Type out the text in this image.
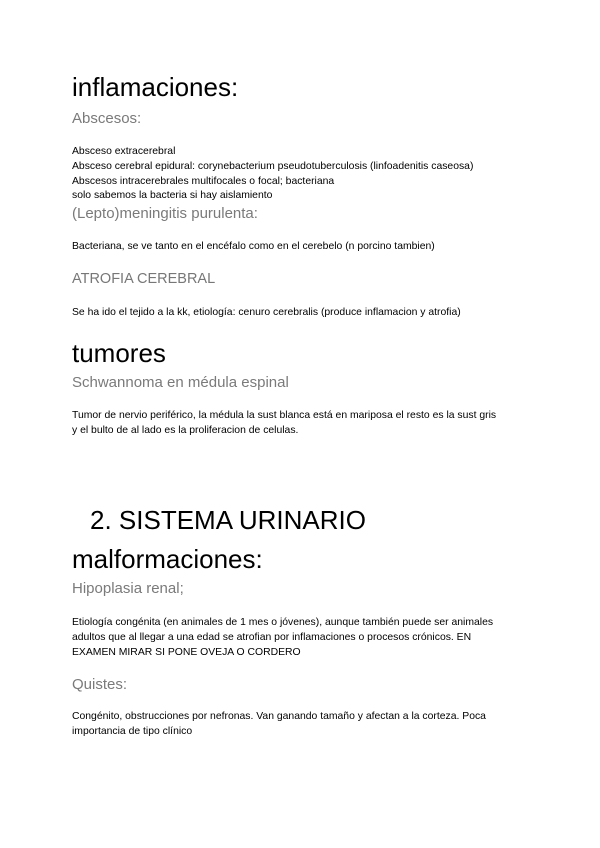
inflamaciones:
Abscesos:
Absceso extracerebral
Absceso cerebral epidural: corynebacterium pseudotuberculosis (linfoadenitis caseosa)
Abscesos intracerebrales multifocales o focal; bacteriana
solo sabemos la bacteria si hay aislamiento
(Lepto)meningitis purulenta:
Bacteriana, se ve tanto en el encéfalo como en el cerebelo (n porcino tambien)
ATROFIA CEREBRAL
Se ha ido el tejido a la kk, etiología: cenuro cerebralis (produce inflamacion y atrofia)
tumores
Schwannoma en médula espinal
Tumor de nervio periférico, la médula la sust blanca está en mariposa el resto es la sust gris
y el bulto de al lado es la proliferacion de celulas.
2. SISTEMA URINARIO
malformaciones:
Hipoplasia renal;
Etiología congénita (en animales de 1 mes o jóvenes), aunque también puede ser animales
adultos que al llegar a una edad se atrofian por inflamaciones o procesos crónicos. EN
EXAMEN MIRAR SI PONE OVEJA O CORDERO
Quistes:
Congénito, obstrucciones por nefronas. Van ganando tamaño y afectan a la corteza. Poca
importancia de tipo clínico
